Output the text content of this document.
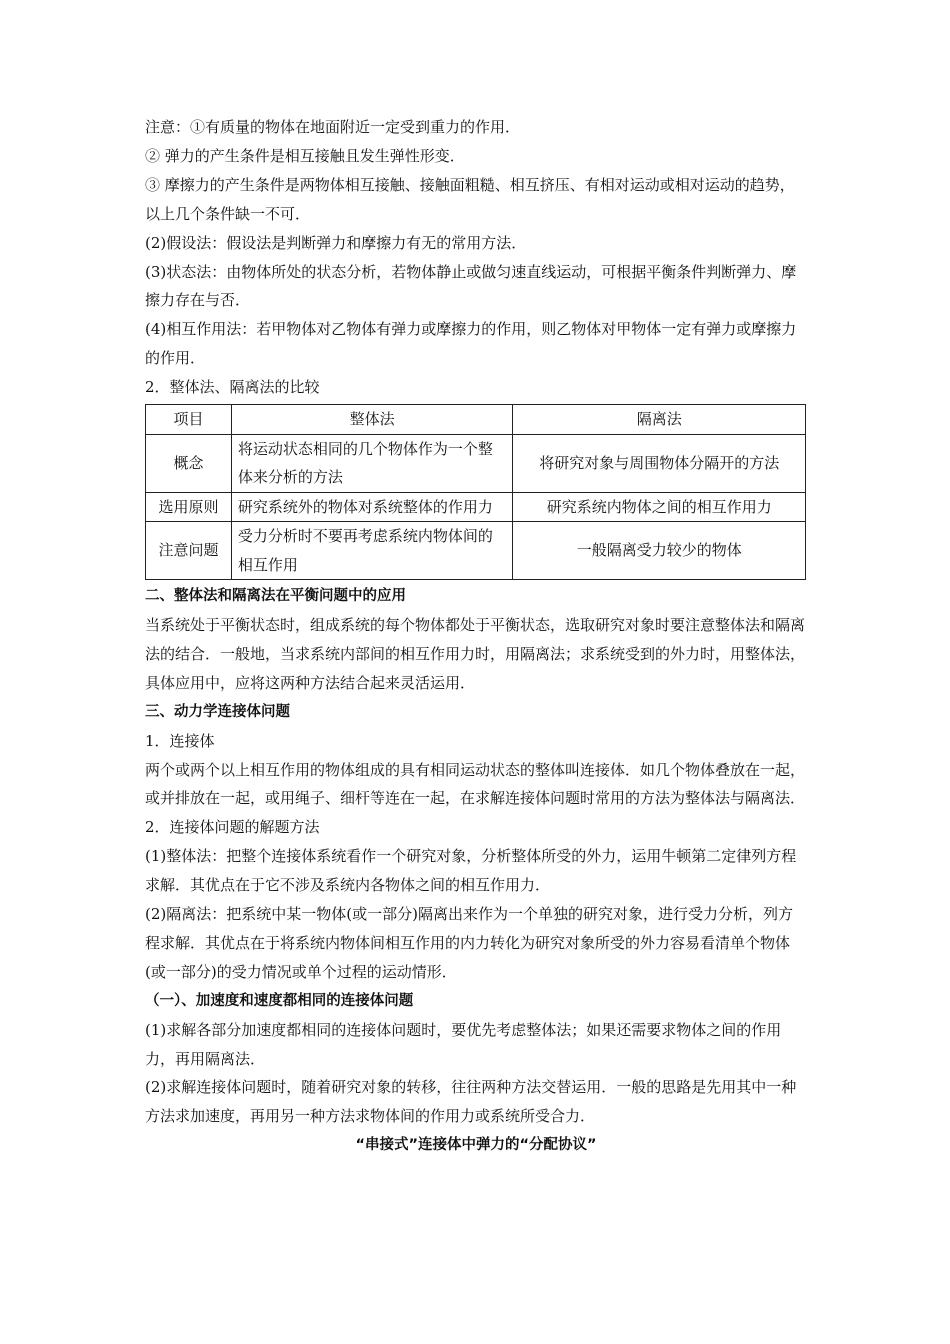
注意：①有质量的物体在地面附近一定受到重力的作用．

② 弹力的产生条件是相互接触且发生弹性形变．

③ 摩擦力的产生条件是两物体相互接触、接触面粗糙、相互挤压、有相对运动或相对运动的趋势，以上几个条件缺一不可．

(2)假设法：假设法是判断弹力和摩擦力有无的常用方法．

(3)状态法：由物体所处的状态分析，若物体静止或做匀速直线运动，可根据平衡条件判断弹力、摩擦力存在与否．

(4)相互作用法：若甲物体对乙物体有弹力或摩擦力的作用，则乙物体对甲物体一定有弹力或摩擦力的作用．

2．整体法、隔离法的比较

项目	整体法	隔离法
概念	将运动状态相同的几个物体作为一个整体来分析的方法	将研究对象与周围物体分隔开的方法
选用原则	研究系统外的物体对系统整体的作用力	研究系统内物体之间的相互作用力
注意问题	受力分析时不要再考虑系统内物体间的相互作用	一般隔离受力较少的物体

二、整体法和隔离法在平衡问题中的应用

当系统处于平衡状态时，组成系统的每个物体都处于平衡状态，选取研究对象时要注意整体法和隔离法的结合．一般地，当求系统内部间的相互作用力时，用隔离法；求系统受到的外力时，用整体法，具体应用中，应将这两种方法结合起来灵活运用．

三、动力学连接体问题

1．连接体

两个或两个以上相互作用的物体组成的具有相同运动状态的整体叫连接体．如几个物体叠放在一起，或并排放在一起，或用绳子、细杆等连在一起，在求解连接体问题时常用的方法为整体法与隔离法．

2．连接体问题的解题方法

(1)整体法：把整个连接体系统看作一个研究对象，分析整体所受的外力，运用牛顿第二定律列方程求解．其优点在于它不涉及系统内各物体之间的相互作用力．

(2)隔离法：把系统中某一物体(或一部分)隔离出来作为一个单独的研究对象，进行受力分析，列方程求解．其优点在于将系统内物体间相互作用的内力转化为研究对象所受的外力容易看清单个物体(或一部分)的受力情况或单个过程的运动情形．

（一）、加速度和速度都相同的连接体问题

(1)求解各部分加速度都相同的连接体问题时，要优先考虑整体法；如果还需要求物体之间的作用力，再用隔离法．

(2)求解连接体问题时，随着研究对象的转移，往往两种方法交替运用．一般的思路是先用其中一种方法求加速度，再用另一种方法求物体间的作用力或系统所受合力．

“串接式”连接体中弹力的“分配协议”
